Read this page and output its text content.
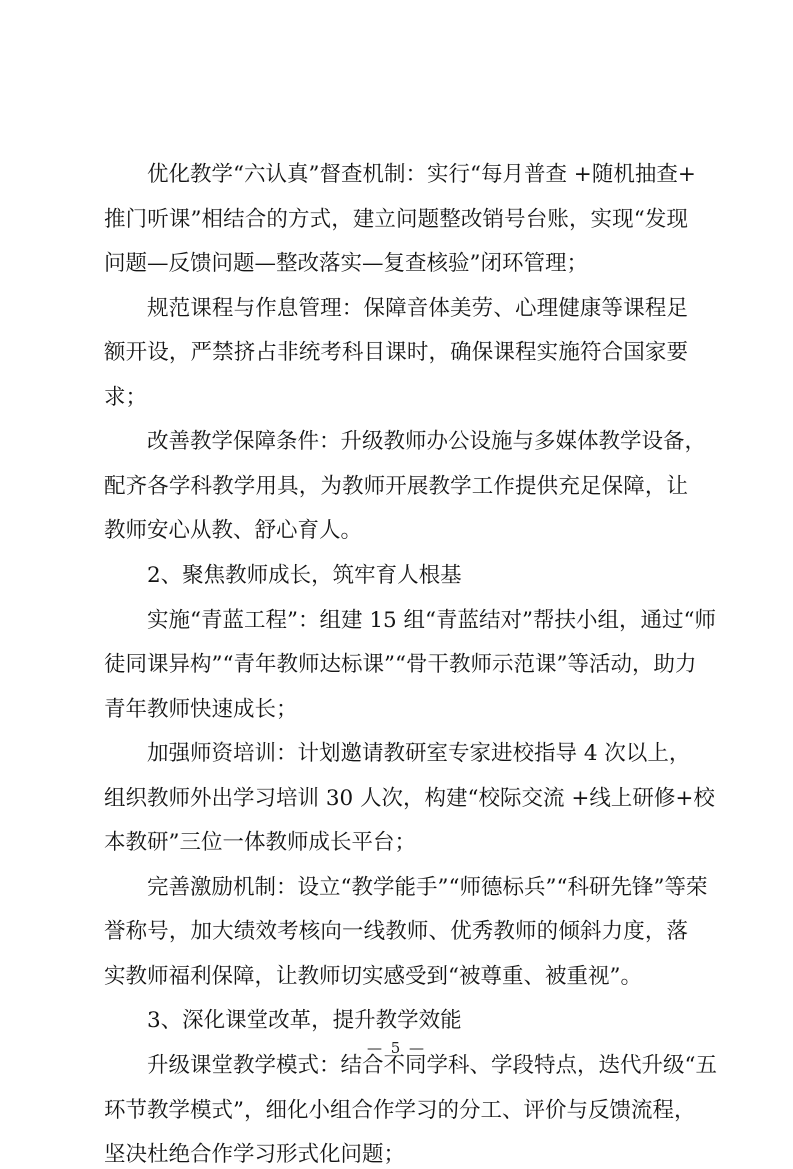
优化教学“六认真”督查机制：实行“每月普查 +随机抽查+

推门听课”相结合的方式，建立问题整改销号台账，实现“发现

问题—反馈问题—整改落实—复查核验”闭环管理；

规范课程与作息管理：保障音体美劳、心理健康等课程足

额开设，严禁挤占非统考科目课时，确保课程实施符合国家要

求；

改善教学保障条件：升级教师办公设施与多媒体教学设备，

配齐各学科教学用具，为教师开展教学工作提供充足保障，让

教师安心从教、舒心育人。

2、聚焦教师成长，筑牢育人根基

实施“青蓝工程”：组建 15 组“青蓝结对”帮扶小组，通过“师

徒同课异构”“青年教师达标课”“骨干教师示范课”等活动，助力

青年教师快速成长；

加强师资培训：计划邀请教研室专家进校指导 4 次以上，

组织教师外出学习培训 30 人次，构建“校际交流 +线上研修+校

本教研”三位一体教师成长平台；

完善激励机制：设立“教学能手”“师德标兵”“科研先锋”等荣

誉称号，加大绩效考核向一线教师、优秀教师的倾斜力度，落

实教师福利保障，让教师切实感受到“被尊重、被重视”。

3、深化课堂改革，提升教学效能

升级课堂教学模式：结合不同学科、学段特点，迭代升级“五

环节教学模式”，细化小组合作学习的分工、评价与反馈流程，

坚决杜绝合作学习形式化问题；

— 5 —
